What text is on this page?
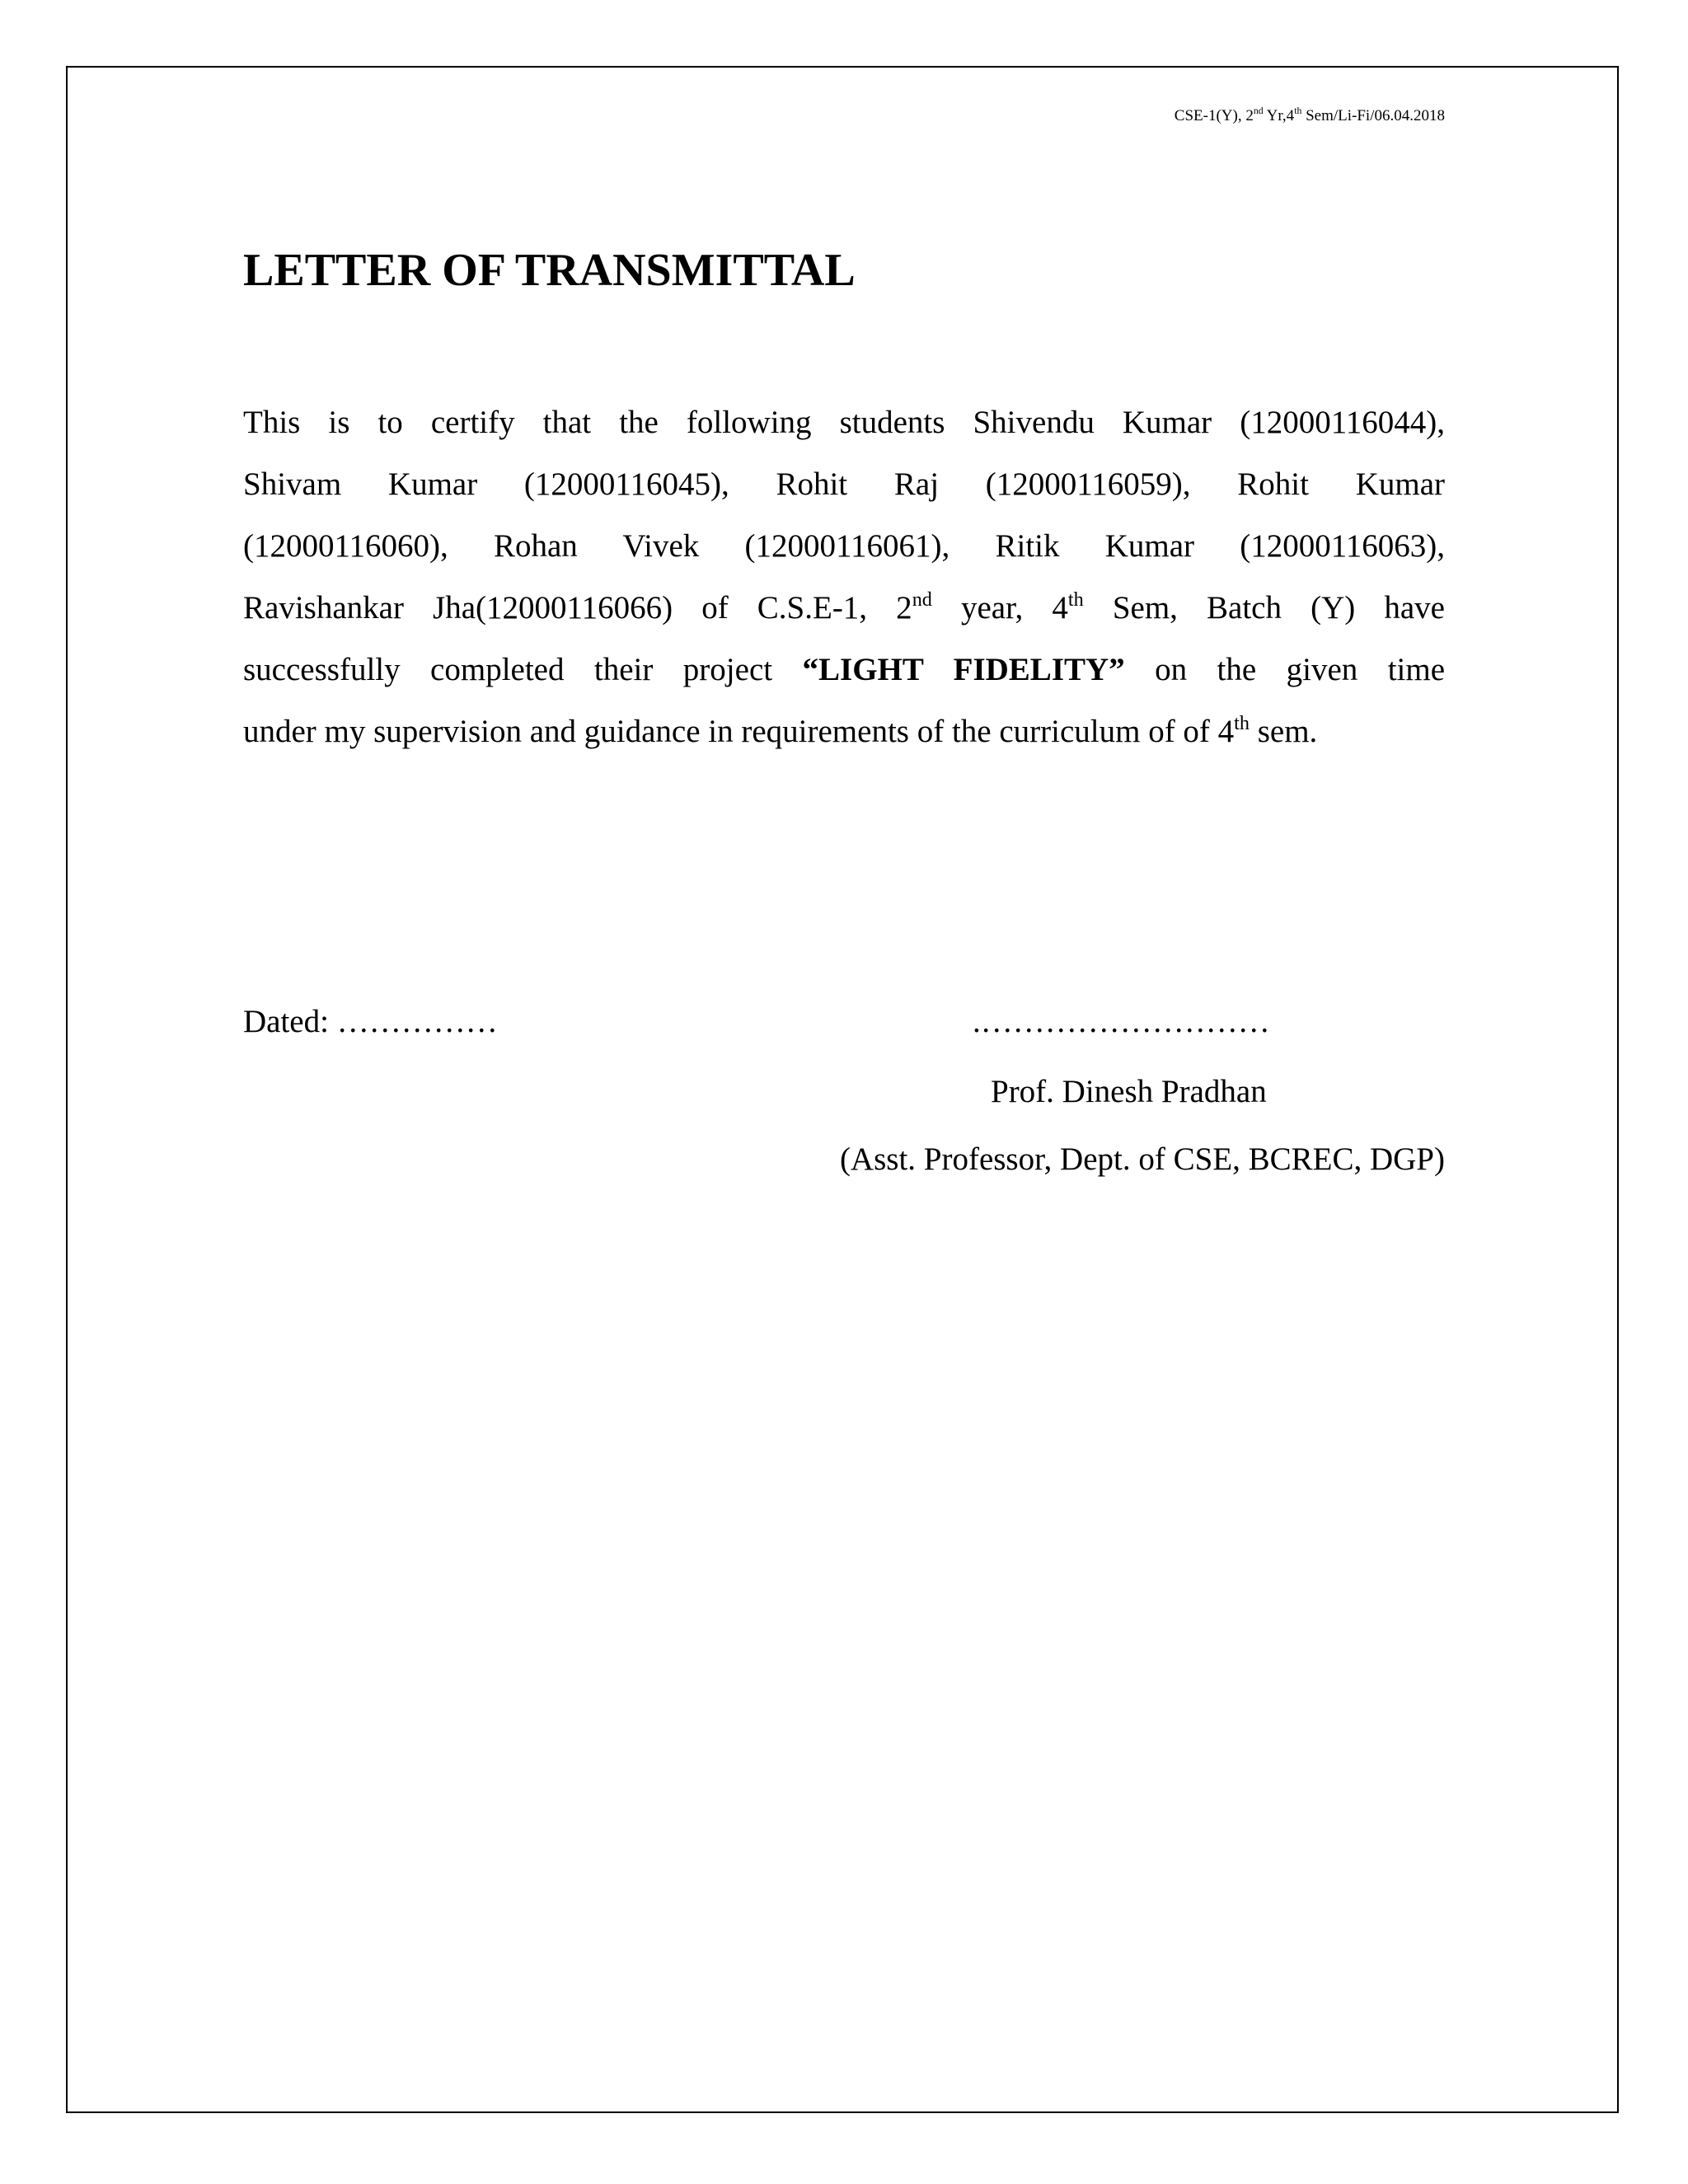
CSE-1(Y), 2nd Yr,4th Sem/Li-Fi/06.04.2018
LETTER OF TRANSMITTAL
This is to certify that the following students Shivendu Kumar (12000116044),
Shivam Kumar (12000116045), Rohit Raj (12000116059), Rohit Kumar
(12000116060), Rohan Vivek (12000116061), Ritik Kumar (12000116063),
Ravishankar Jha(12000116066) of C.S.E-1, 2nd year, 4th Sem, Batch (Y) have
successfully completed their project “LIGHT FIDELITY” on the given time
under my supervision and guidance in requirements of the curriculum of of 4th sem.
Dated: ……………	.………………………
Prof. Dinesh Pradhan
(Asst. Professor, Dept. of CSE, BCREC, DGP)
